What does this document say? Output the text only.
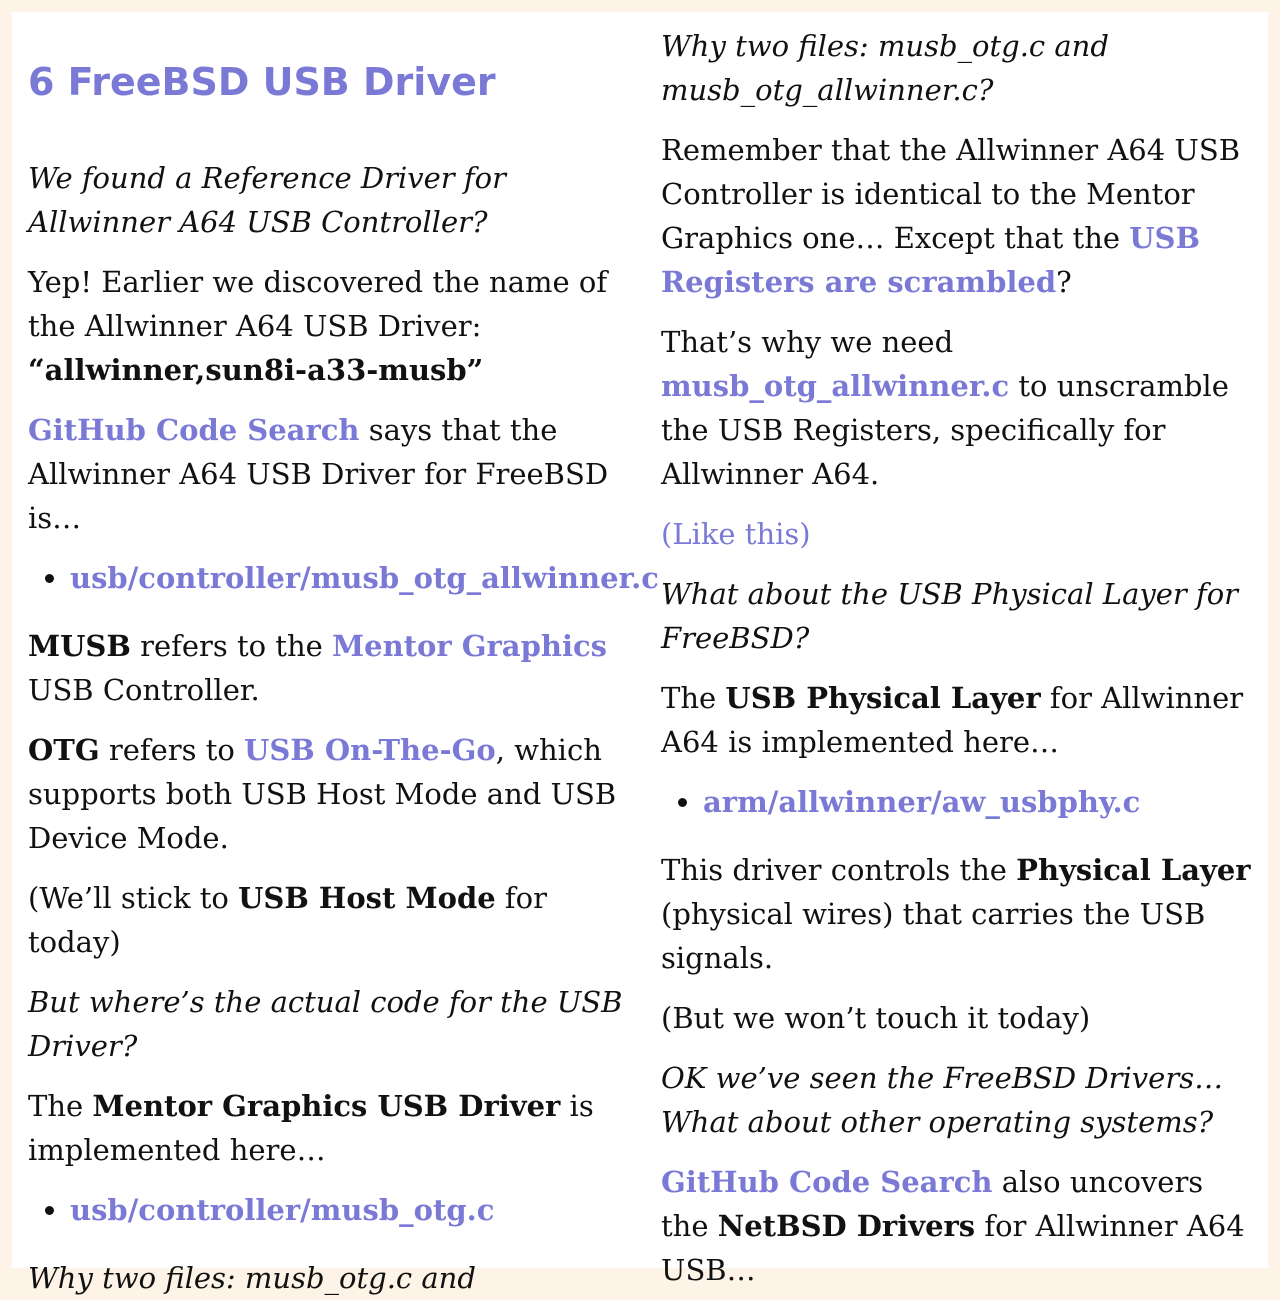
6 FreeBSD USB Driver

We found a Reference Driver for Allwinner A64 USB Controller?

Yep! Earlier we discovered the name of the Allwinner A64 USB Driver:
“allwinner,sun8i-a33-musb”

GitHub Code Search says that the Allwinner A64 USB Driver for FreeBSD is…

• usb/controller/musb_otg_allwinner.c

MUSB refers to the Mentor Graphics USB Controller.

OTG refers to USB On-The-Go, which supports both USB Host Mode and USB Device Mode.

(We’ll stick to USB Host Mode for today)

But where’s the actual code for the USB Driver?

The Mentor Graphics USB Driver is implemented here…

• usb/controller/musb_otg.c

Why two files: musb_otg.c and

Why two files: musb_otg.c and musb_otg_allwinner.c?

Remember that the Allwinner A64 USB Controller is identical to the Mentor Graphics one… Except that the USB Registers are scrambled?

That’s why we need musb_otg_allwinner.c to unscramble the USB Registers, specifically for Allwinner A64.

(Like this)

What about the USB Physical Layer for FreeBSD?

The USB Physical Layer for Allwinner A64 is implemented here…

• arm/allwinner/aw_usbphy.c

This driver controls the Physical Layer (physical wires) that carries the USB signals.

(But we won’t touch it today)

OK we’ve seen the FreeBSD Drivers… What about other operating systems?

GitHub Code Search also uncovers the NetBSD Drivers for Allwinner A64 USB…
